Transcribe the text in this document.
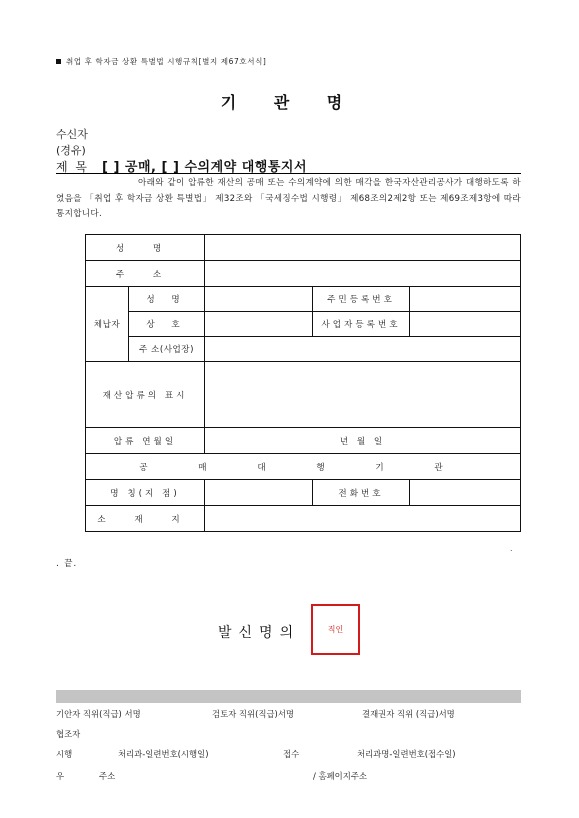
취업 후 학자금 상환 특별법 시행규칙[별지 제67호서식]
기 관 명
수신자
(경유)
제 목 [ ] 공매, [ ] 수의계약 대행통지서

아래와 같이 압류한 재산의 공매 또는 수의계약에 의한 매각을 한국자산관리공사가 대행하도록 하였음을 「취업 후 학자금 상환 특별법」 제32조와 「국세징수법 시행령」 제68조의2제2항 또는 제69조제3항에 따라 통지합니다.

성 명				
주 소				
체납자	성 명		주민등록번호	
	상 호		사업자등록번호	
	주 소(사업장)			
재산압류의 표시				
압류 연월일		년 월 일		
공 매 대 행 기 관				
명 칭(지 점)			전화번호	
소 재 지				
.
. 끝.
발신명의	직인
기안자 직위(직급) 서명	검토자 직위(직급)서명	결재권자 직위 (직급)서명
협조자
시행	처리과-일련번호(시행일)	접수	처리과명-일련번호(접수일)
우	주소	/ 홈페이지주소
